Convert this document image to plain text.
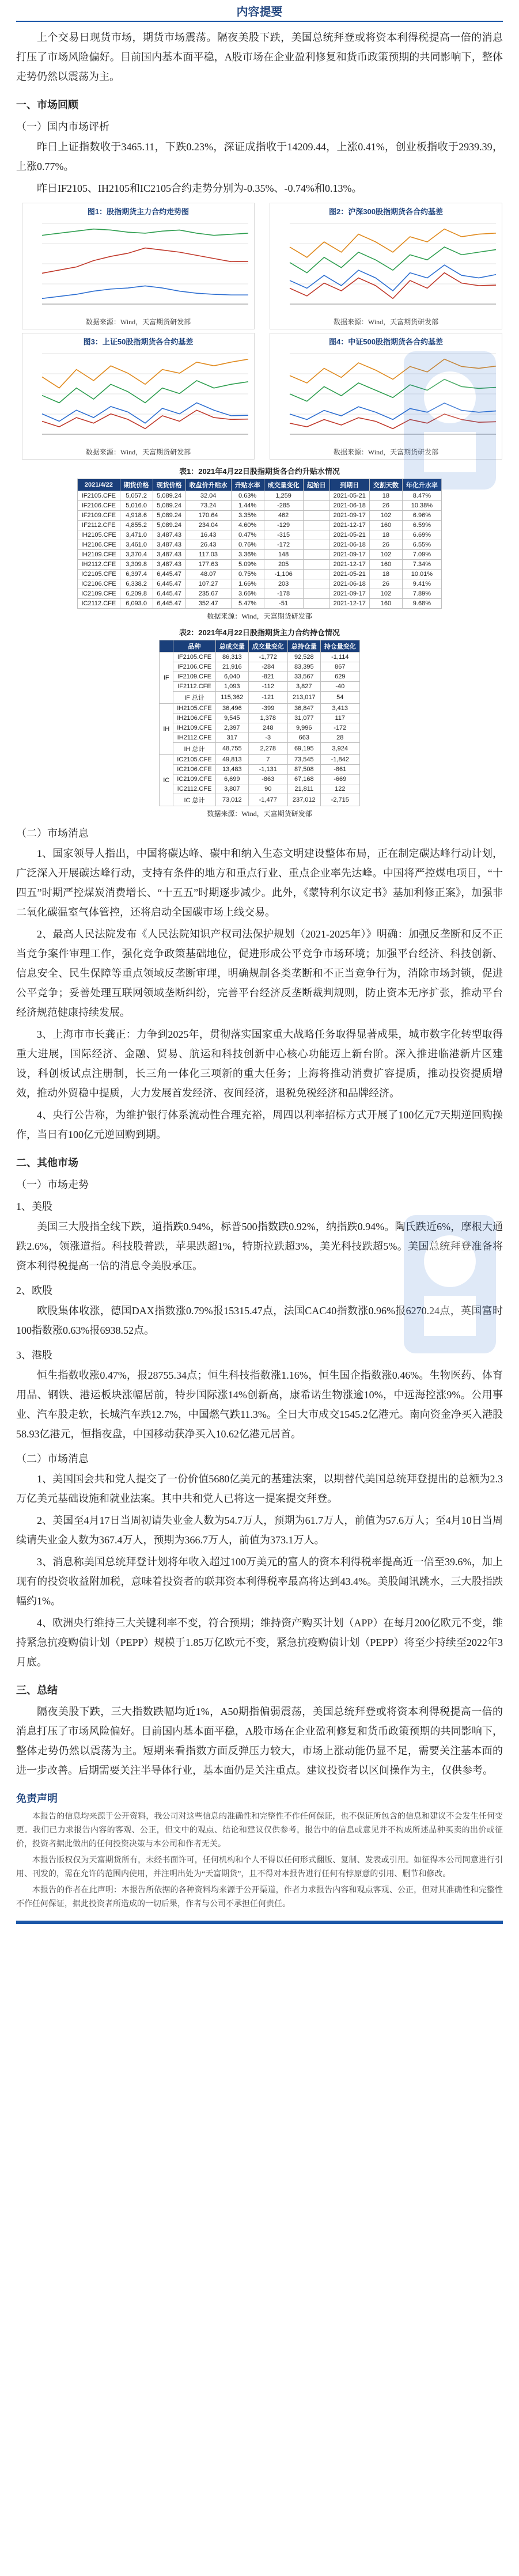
内容提要

上个交易日现货市场，期货市场震荡。隔夜美股下跌，美国总统拜登或将资本利得税提高一倍的消息打压了市场风险偏好。目前国内基本面平稳，A股市场在企业盈利修复和货币政策预期的共同影响下，整体走势仍然以震荡为主。

一、市场回顾
（一）国内市场评析

昨日上证指数收于3465.11，下跌0.23%，深证成指收于14209.44，上涨0.41%，创业板指收于2939.39，上涨0.77%。

昨日IF2105、IH2105和IC2105合约走势分别为-0.35%、-0.74%和0.13%。

图1：股指期货主力合约走势图
数据来源：Wind，天富期货研发部
图2：沪深300股指期货各合约基差
数据来源：Wind，天富期货研发部
图3：上证50股指期货各合约基差
数据来源：Wind，天富期货研发部
图4：中证500股指期货各合约基差
数据来源：Wind，天富期货研发部
表1：2021年4月22日股指期货各合约升贴水情况
2021/4/22	期货价格	现货价格	收盘价升贴水	升贴水率	成交量变化	起始日	到期日	交割天数	年化升水率
IF2105.CFE	5,057.2	5,089.24	32.04	0.63%	1,259		2021-05-21	18	8.47%
IF2106.CFE	5,016.0	5,089.24	73.24	1.44%	-285		2021-06-18	26	10.38%
IF2109.CFE	4,918.6	5,089.24	170.64	3.35%	462		2021-09-17	102	6.96%
IF2112.CFE	4,855.2	5,089.24	234.04	4.60%	-129		2021-12-17	160	6.59%
IH2105.CFE	3,471.0	3,487.43	16.43	0.47%	-315		2021-05-21	18	6.69%
IH2106.CFE	3,461.0	3,487.43	26.43	0.76%	-172		2021-06-18	26	6.55%
IH2109.CFE	3,370.4	3,487.43	117.03	3.36%	148		2021-09-17	102	7.09%
IH2112.CFE	3,309.8	3,487.43	177.63	5.09%	205		2021-12-17	160	7.34%
IC2105.CFE	6,397.4	6,445.47	48.07	0.75%	-1,106		2021-05-21	18	10.01%
IC2106.CFE	6,338.2	6,445.47	107.27	1.66%	203		2021-06-18	26	9.41%
IC2109.CFE	6,209.8	6,445.47	235.67	3.66%	-178		2021-09-17	102	7.89%
IC2112.CFE	6,093.0	6,445.47	352.47	5.47%	-51		2021-12-17	160	9.68%
数据来源：Wind，天富期货研发部
表2：2021年4月22日股指期货主力合约持仓情况
	品种	总成交量	成交量变化	总持仓量	持仓量变化
IF	IF2105.CFE	86,313	-1,772	92,528	-1,114
	IF2106.CFE	21,916	-284	83,395	867
	IF2109.CFE	6,040	-821	33,567	629
	IF2112.CFE	1,093	-112	3,827	-40
	IF 总计	115,362	-121	213,017	54
IH	IH2105.CFE	36,496	-399	36,847	3,413
	IH2106.CFE	9,545	1,378	31,077	117
	IH2109.CFE	2,397	248	9,996	-172
	IH2112.CFE	317	-3	663	28
	IH 总计	48,755	2,278	69,195	3,924
IC	IC2105.CFE	49,813	7	73,545	-1,842
	IC2106.CFE	13,483	-1,131	87,508	-861
	IC2109.CFE	6,699	-863	67,168	-669
	IC2112.CFE	3,807	90	21,811	122
	IC 总计	73,012	-1,477	237,012	-2,715
数据来源：Wind，天富期货研发部
（二）市场消息

1、国家领导人指出，中国将碳达峰、碳中和纳入生态文明建设整体布局，正在制定碳达峰行动计划，广泛深入开展碳达峰行动，支持有条件的地方和重点行业、重点企业率先达峰。中国将严控煤电项目，“十四五”时期严控煤炭消费增长、“十五五”时期逐步减少。此外，《蒙特利尔议定书》基加利修正案》，加强非二氧化碳温室气体管控，还将启动全国碳市场上线交易。

2、最高人民法院发布《人民法院知识产权司法保护规划（2021-2025年）》明确：加强反垄断和反不正当竞争案件审理工作，强化竞争政策基础地位，促进形成公平竞争市场环境；加强平台经济、科技创新、信息安全、民生保障等重点领域反垄断审理，明确规制各类垄断和不正当竞争行为，消除市场封锁，促进公平竞争；妥善处理互联网领域垄断纠纷，完善平台经济反垄断裁判规则，防止资本无序扩张，推动平台经济规范健康持续发展。

3、上海市市长龚正：力争到2025年，贯彻落实国家重大战略任务取得显著成果，城市数字化转型取得重大进展，国际经济、金融、贸易、航运和科技创新中心核心功能迈上新台阶。深入推进临港新片区建设，科创板试点注册制，长三角一体化三项新的重大任务；上海将推动消费扩容提质，推动投资提质增效，推动外贸稳中提质，大力发展首发经济、夜间经济，退税免税经济和品牌经济。

4、央行公告称，为维护银行体系流动性合理充裕，周四以利率招标方式开展了100亿元7天期逆回购操作，当日有100亿元逆回购到期。

二、其他市场
（一）市场走势
1、美股

美国三大股指全线下跌，道指跌0.94%，标普500指数跌0.92%，纳指跌0.94%。陶氏跌近6%，摩根大通跌2.6%，领涨道指。科技股普跌，苹果跌超1%，特斯拉跌超3%，美光科技跌超5%。美国总统拜登准备将资本利得税提高一倍的消息令美股承压。

2、欧股

欧股集体收涨，德国DAX指数涨0.79%报15315.47点，法国CAC40指数涨0.96%报6270.24点，英国富时100指数涨0.63%报6938.52点。

3、港股

恒生指数收涨0.47%，报28755.34点；恒生科技指数涨1.16%，恒生国企指数涨0.46%。生物医药、体育用品、钢铁、港运板块涨幅居前，特步国际涨14%创新高，康希诺生物涨逾10%，中远海控涨9%。公用事业、汽车股走软，长城汽车跌12.7%，中国燃气跌11.3%。全日大市成交1545.2亿港元。南向资金净买入港股58.93亿港元，恒指夜盘，中国移动获净买入10.62亿港元居首。

（二）市场消息

1、美国国会共和党人提交了一份价值5680亿美元的基建法案，以期替代美国总统拜登提出的总额为2.3万亿美元基础设施和就业法案。其中共和党人已将这一提案提交拜登。

2、美国至4月17日当周初请失业金人数为54.7万人，预期为61.7万人，前值为57.6万人；至4月10日当周续请失业金人数为367.4万人，预期为366.7万人，前值为373.1万人。

3、消息称美国总统拜登计划将年收入超过100万美元的富人的资本利得税率提高近一倍至39.6%，加上现有的投资收益附加税，意味着投资者的联邦资本利得税率最高将达到43.4%。美股闻讯跳水，三大股指跌幅约1%。

4、欧洲央行维持三大关键利率不变，符合预期；维持资产购买计划（APP）在每月200亿欧元不变，维持紧急抗疫购债计划（PEPP）规模于1.85万亿欧元不变，紧急抗疫购债计划（PEPP）将至少持续至2022年3月底。

三、总结

隔夜美股下跌，三大指数跌幅均近1%，A50期指偏弱震荡，美国总统拜登或将资本利得税提高一倍的消息打压了市场风险偏好。目前国内基本面平稳，A股市场在企业盈利修复和货币政策预期的共同影响下，整体走势仍然以震荡为主。短期来看指数方面反弹压力较大，市场上涨动能仍显不足，需要关注基本面的进一步改善。后期需要关注半导体行业，基本面仍是关注重点。建议投资者以区间操作为主，仅供参考。

免责声明

本报告的信息均来源于公开资料，我公司对这些信息的准确性和完整性不作任何保证，也不保证所包含的信息和建议不会发生任何变更。我们已力求报告内容的客观、公正，但文中的观点、结论和建议仅供参考，报告中的信息或意见并不构成所述品种买卖的出价或征价，投资者据此做出的任何投资决策与本公司和作者无关。

本报告版权仅为天富期货所有，未经书面许可，任何机构和个人不得以任何形式翻版、复制、发表或引用。如征得本公司同意进行引用、刊发的，需在允许的范围内使用，并注明出处为“天富期货”，且不得对本报告进行任何有悖原意的引用、删节和修改。

本报告的作者在此声明：本报告所依据的各种资料均来源于公开渠道，作者力求报告内容和观点客观、公正，但对其准确性和完整性不作任何保证，据此投资者所造成的一切后果，作者与公司不承担任何责任。
